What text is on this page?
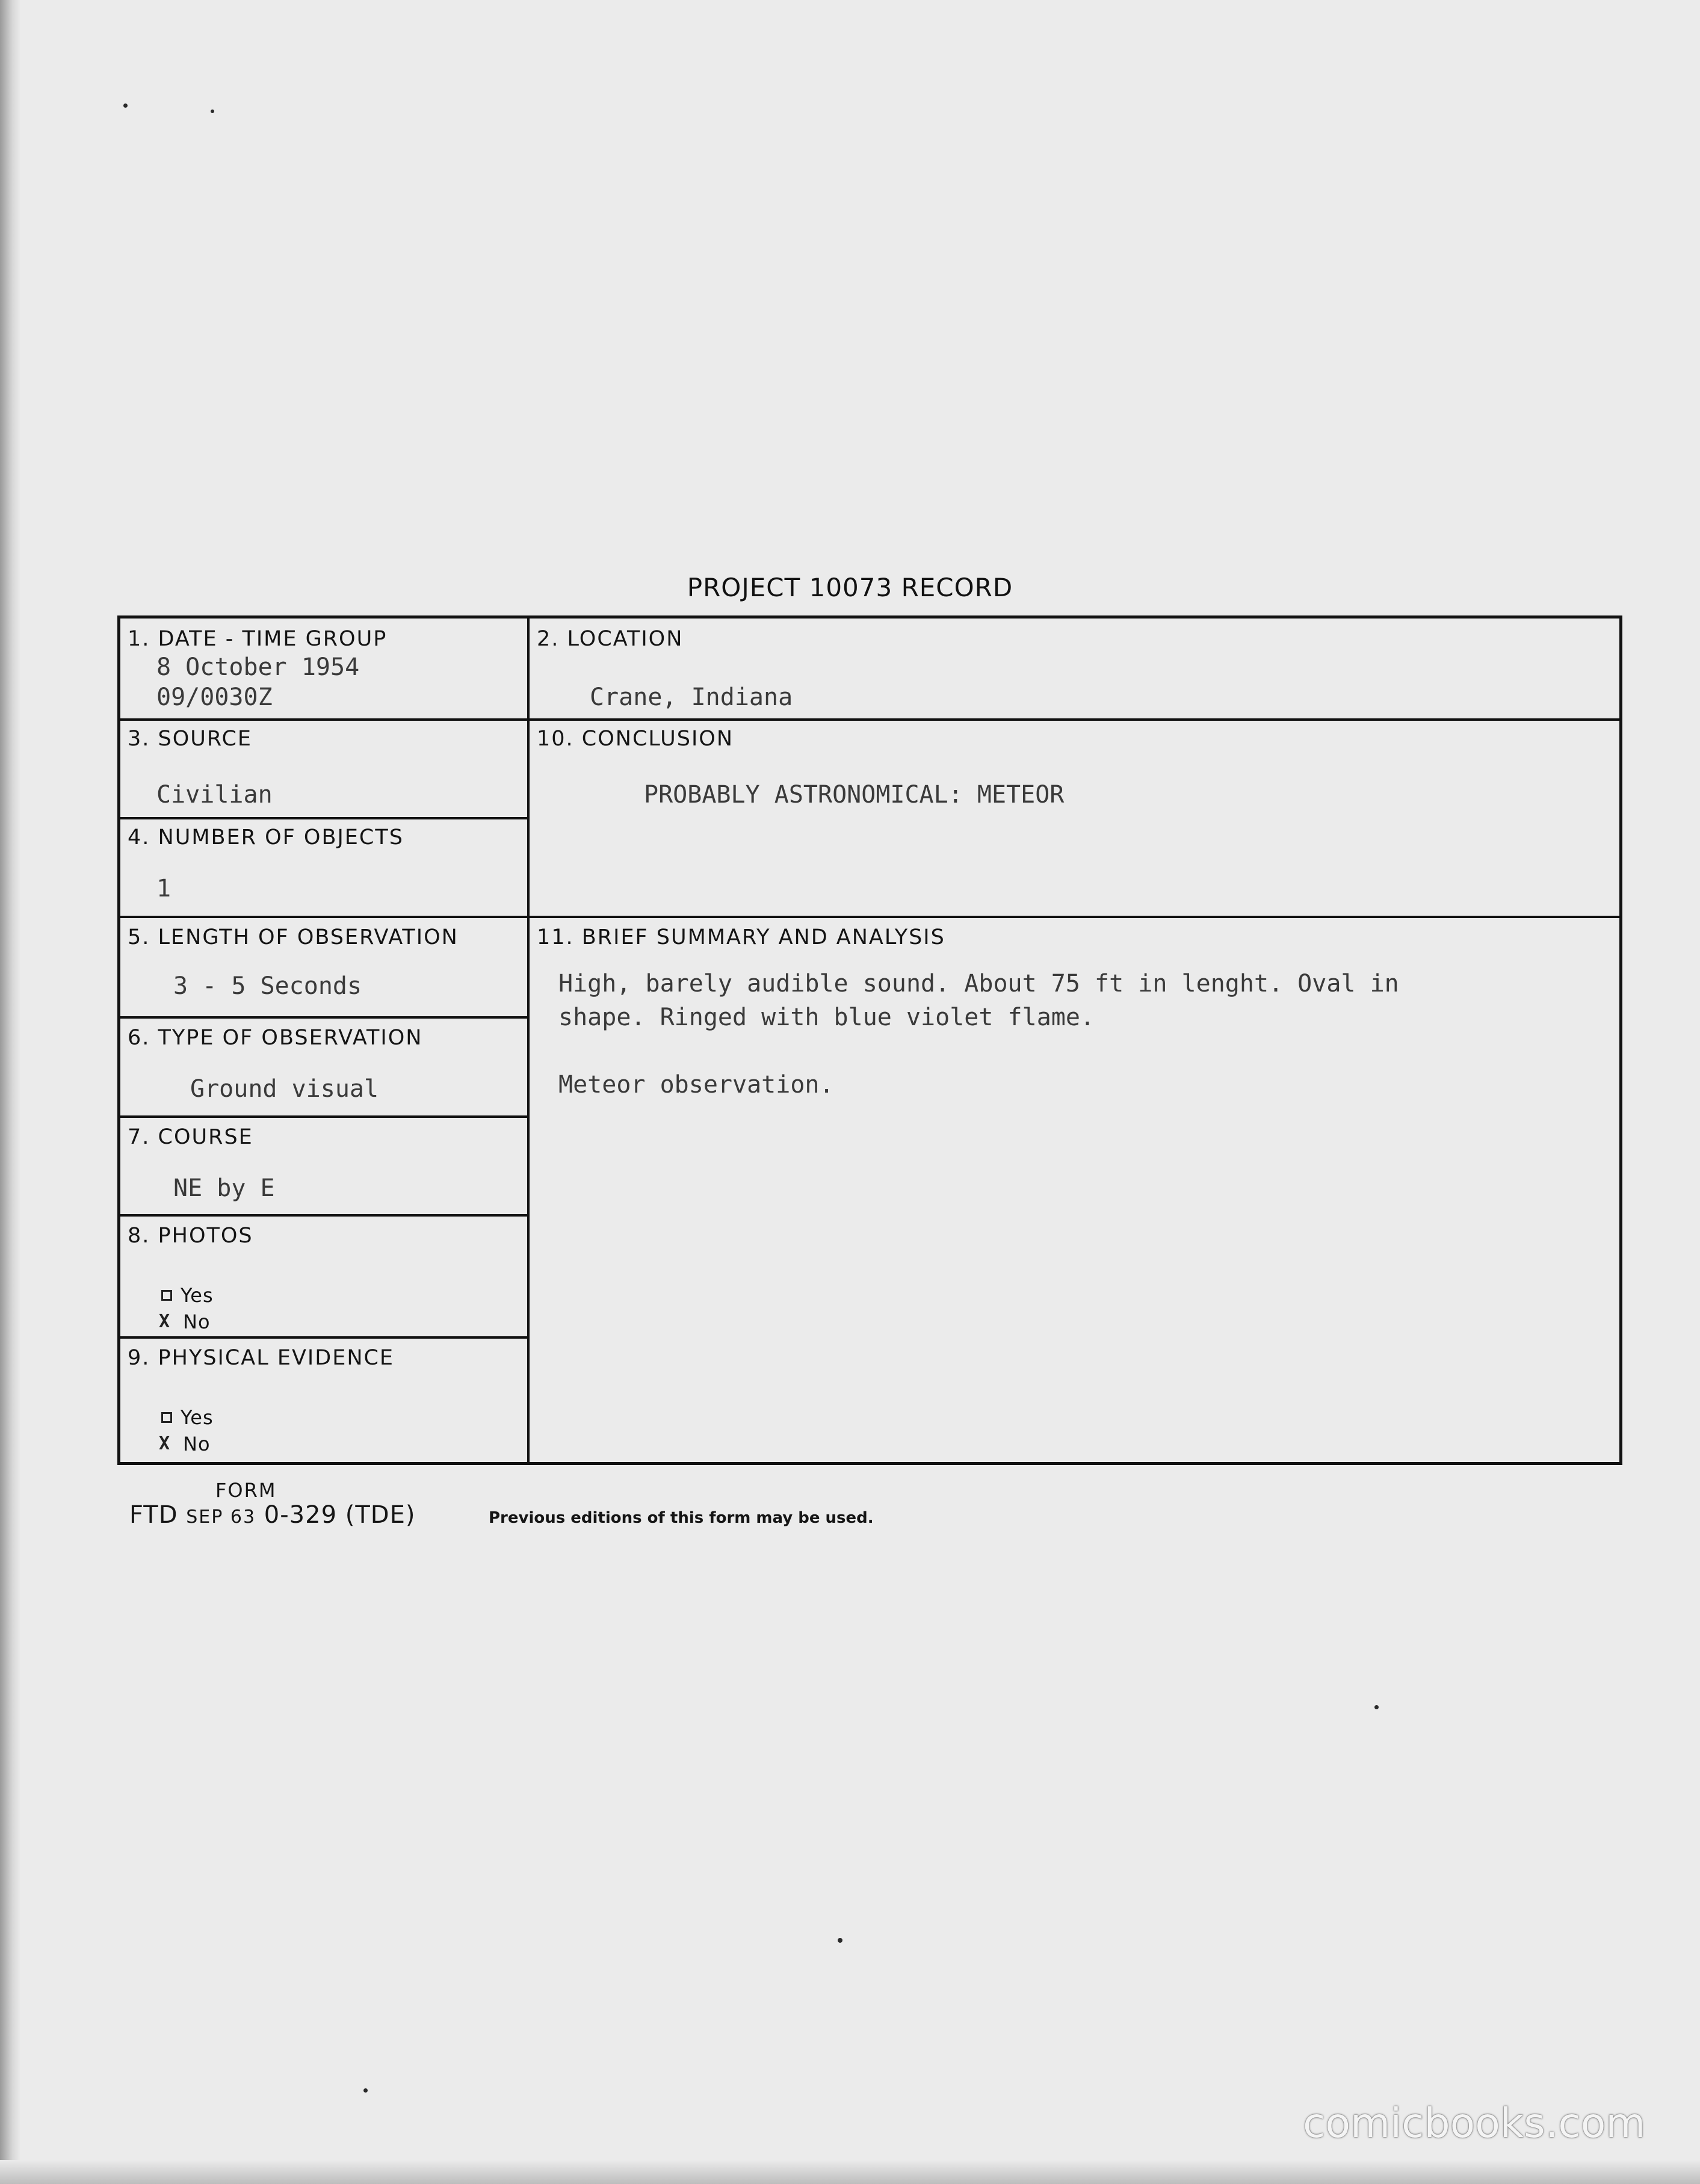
PROJECT 10073 RECORD
1. DATE - TIME GROUP
8 October 1954
09/0030Z
2. LOCATION
Crane, Indiana
3. SOURCE
Civilian
4. NUMBER OF OBJECTS
1
10. CONCLUSION
PROBABLY ASTRONOMICAL: METEOR
5. LENGTH OF OBSERVATION
3 - 5 Seconds
6. TYPE OF OBSERVATION
Ground visual
7. COURSE
NE by E
8. PHOTOS
Yes
X No
9. PHYSICAL EVIDENCE
Yes
X No
11. BRIEF SUMMARY AND ANALYSIS
High, barely audible sound. About 75 ft in lenght. Oval in
shape. Ringed with blue violet flame.
Meteor observation.
FORM
FTD SEP 63 0-329 (TDE)	Previous editions of this form may be used.
comicbooks.com
